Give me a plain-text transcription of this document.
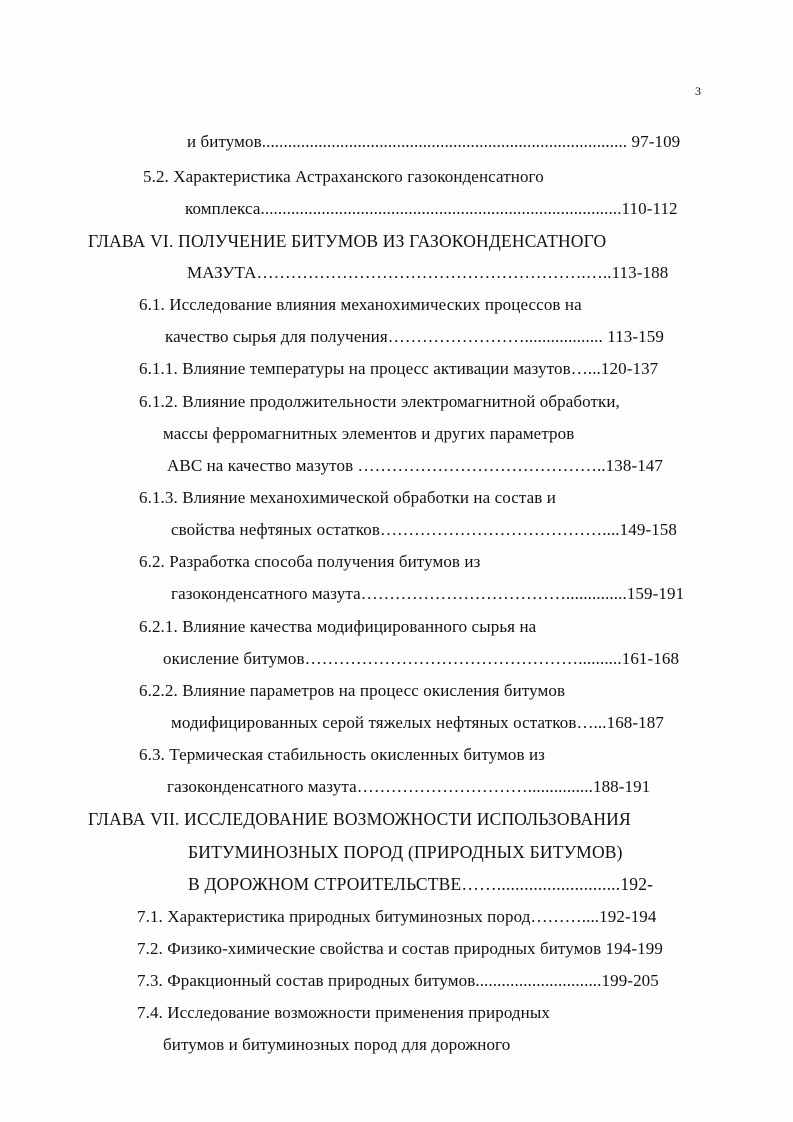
3
и битумов.................................................................................... 97-109
5.2. Характеристика Астраханского газоконденсатного
комплекса...................................................................................110-112
ГЛАВА VI. ПОЛУЧЕНИЕ БИТУМОВ ИЗ ГАЗОКОНДЕНСАТНОГО
МАЗУТА………………………………………………….…..113-188
6.1. Исследование влияния механохимических процессов на
качество сырья для получения…………………….................. 113-159
6.1.1. Влияние температуры на процесс активации мазутов…...120-137
6.1.2. Влияние продолжительности электромагнитной обработки,
массы ферромагнитных элементов и других параметров
АВС на качество мазутов ……………………………………..138-147
6.1.3. Влияние механохимической обработки на состав и
свойства нефтяных остатков…………………………………....149-158
6.2. Разработка способа получения битумов из
газоконденсатного мазута………………………………..............159-191
6.2.1. Влияние качества модифицированного сырья на
окисление битумов…………………………………………..........161-168
6.2.2. Влияние параметров на процесс окисления битумов
модифицированных серой тяжелых нефтяных остатков…...168-187
6.3. Термическая стабильность окисленных битумов из
газоконденсатного мазута…………………………...............188-191
ГЛАВА VII. ИССЛЕДОВАНИЕ ВОЗМОЖНОСТИ ИСПОЛЬЗОВАНИЯ
БИТУМИНОЗНЫХ ПОРОД (ПРИРОДНЫХ БИТУМОВ)
В ДОРОЖНОМ СТРОИТЕЛЬСТВЕ……...........................192-
7.1. Характеристика природных битуминозных пород………....192-194
7.2. Физико-химические свойства и состав природных битумов 194-199
7.3. Фракционный состав природных битумов.............................199-205
7.4. Исследование возможности применения природных
битумов и битуминозных пород для дорожного
